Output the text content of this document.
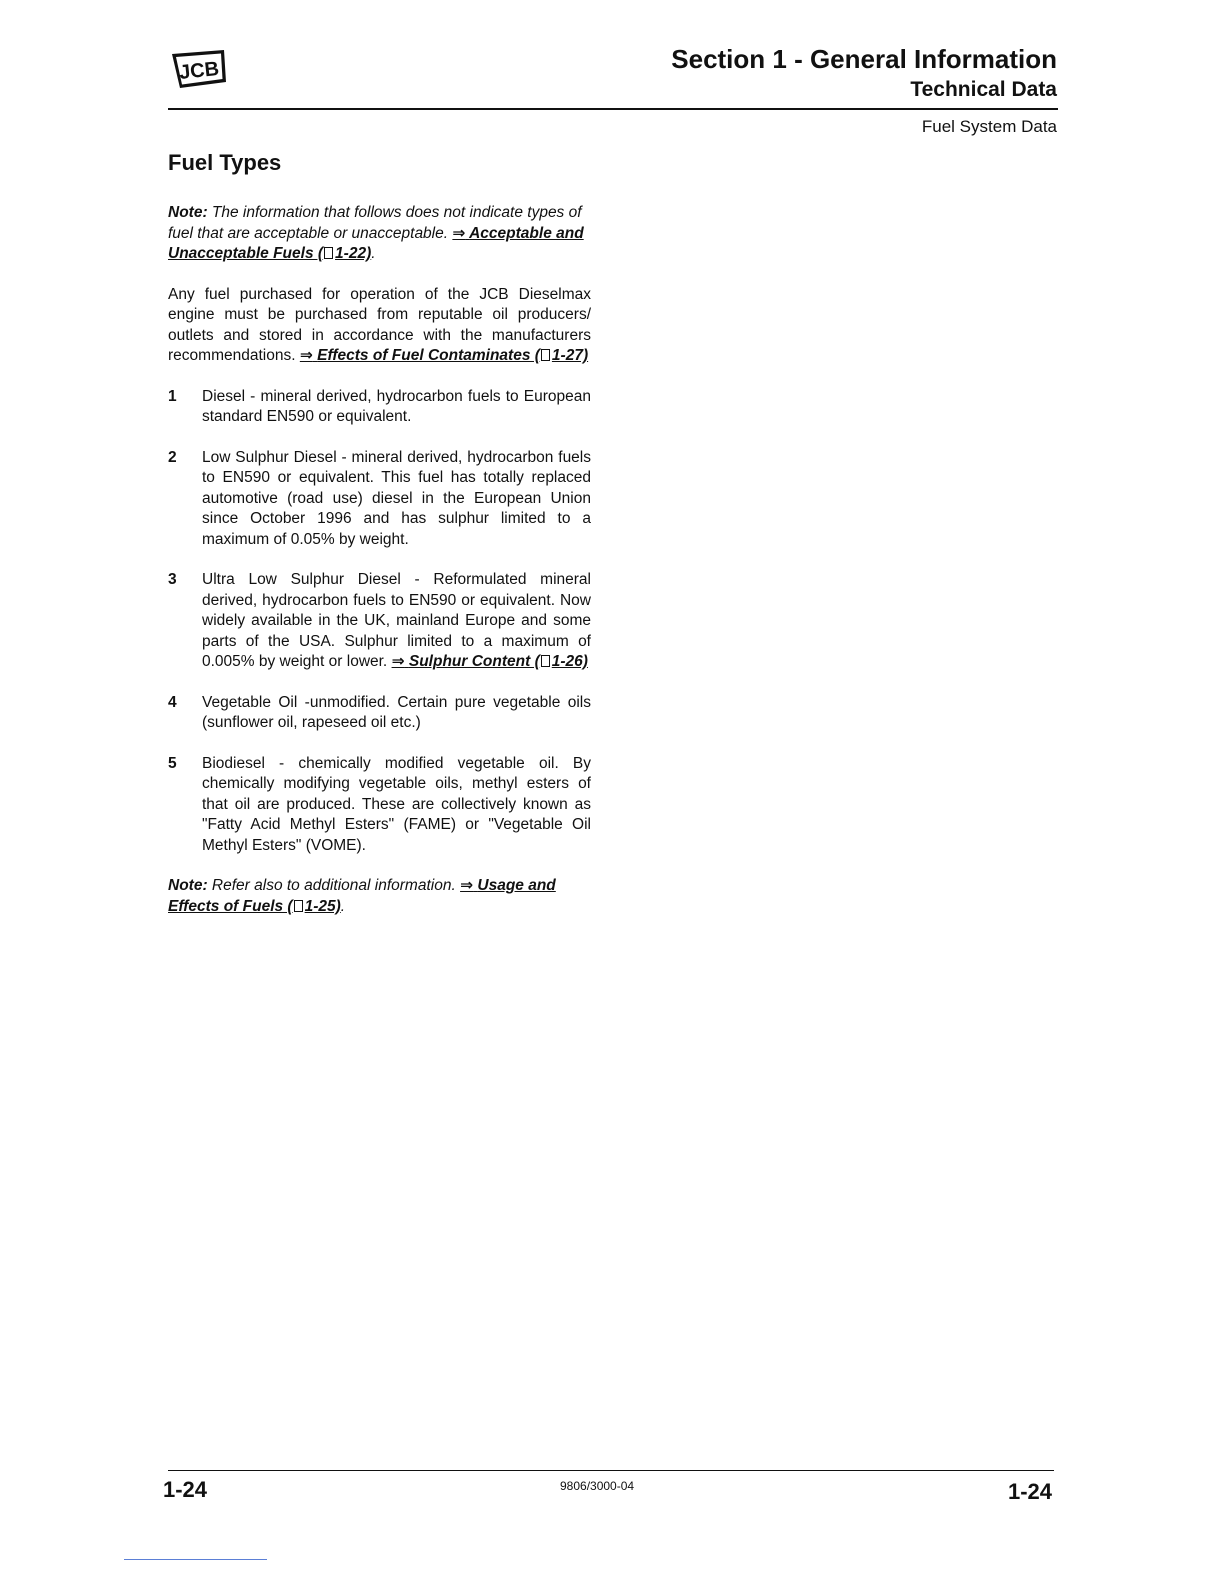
JCB	Section 1 - General Information
Technical Data
Fuel System Data
Fuel Types

Note: The information that follows does not indicate types of fuel that are acceptable or unacceptable. ⇒ Acceptable and Unacceptable Fuels ( 1-22).

Any fuel purchased for operation of the JCB Dieselmax engine must be purchased from reputable oil producers/ outlets and stored in accordance with the manufacturers recommendations. ⇒ Effects of Fuel Contaminates ( 1-27)

1	Diesel - mineral derived, hydrocarbon fuels to European standard EN590 or equivalent.
2	Low Sulphur Diesel - mineral derived, hydrocarbon fuels to EN590 or equivalent. This fuel has totally replaced automotive (road use) diesel in the European Union since October 1996 and has sulphur limited to a maximum of 0.05% by weight.
3	Ultra Low Sulphur Diesel - Reformulated mineral derived, hydrocarbon fuels to EN590 or equivalent. Now widely available in the UK, mainland Europe and some parts of the USA. Sulphur limited to a maximum of 0.005% by weight or lower. ⇒ Sulphur Content ( 1-26)
4	Vegetable Oil -unmodified. Certain pure vegetable oils (sunflower oil, rapeseed oil etc.)
5	Biodiesel - chemically modified vegetable oil. By chemically modifying vegetable oils, methyl esters of that oil are produced. These are collectively known as "Fatty Acid Methyl Esters" (FAME) or "Vegetable Oil Methyl Esters" (VOME).

Note: Refer also to additional information. ⇒ Usage and Effects of Fuels ( 1-25).

1-24	9806/3000-04	1-24
